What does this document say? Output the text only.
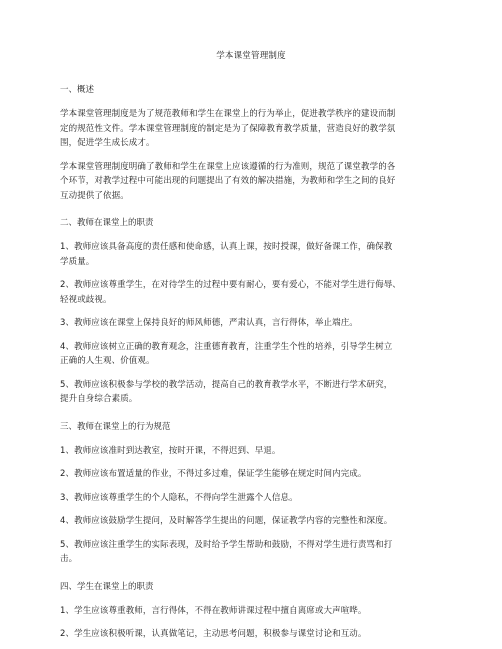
学本课堂管理制度
一、概述
学本课堂管理制度是为了规范教师和学生在课堂上的行为举止，促进教学秩序的建设而制
定的规范性文件。学本课堂管理制度的制定是为了保障教育教学质量，营造良好的教学氛
围，促进学生成长成才。
学本课堂管理制度明确了教师和学生在课堂上应该遵循的行为准则，规范了课堂教学的各
个环节，对教学过程中可能出现的问题提出了有效的解决措施，为教师和学生之间的良好
互动提供了依据。
二、教师在课堂上的职责
1、教师应该具备高度的责任感和使命感，认真上课，按时授课，做好备课工作，确保教
学质量。
2、教师应该尊重学生，在对待学生的过程中要有耐心，要有爱心，不能对学生进行侮辱、
轻视或歧视。
3、教师应该在课堂上保持良好的师风师德，严肃认真，言行得体，举止端庄。
4、教师应该树立正确的教育观念，注重德育教育，注重学生个性的培养，引导学生树立
正确的人生观、价值观。
5、教师应该积极参与学校的教学活动，提高自己的教育教学水平，不断进行学术研究，
提升自身综合素质。
三、教师在课堂上的行为规范
1、教师应该准时到达教室，按时开课，不得迟到、早退。
2、教师应该布置适量的作业，不得过多过难，保证学生能够在规定时间内完成。
3、教师应该尊重学生的个人隐私，不得向学生泄露个人信息。
4、教师应该鼓励学生提问，及时解答学生提出的问题，保证教学内容的完整性和深度。
5、教师应该注重学生的实际表现，及时给予学生帮助和鼓励，不得对学生进行责骂和打
击。
四、学生在课堂上的职责
1、学生应该尊重教师，言行得体，不得在教师讲课过程中擅自离席或大声喧哗。
2、学生应该积极听课，认真做笔记，主动思考问题，积极参与课堂讨论和互动。
